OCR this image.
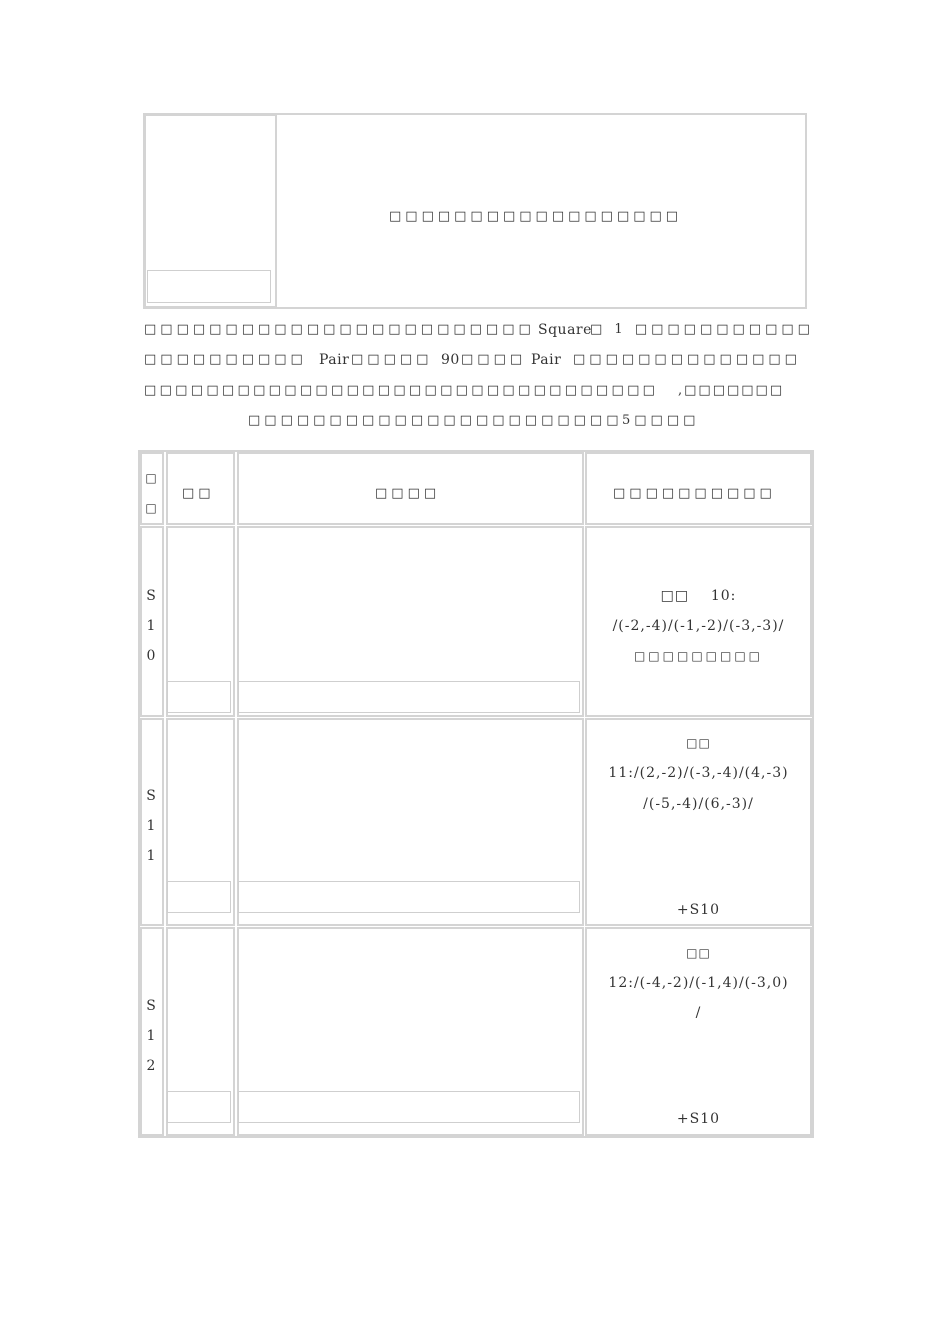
□□□□□□□□□□□□□□□□□□
□□□□□□□□□□□□□□□□□□□□□□□□ Square
□ 1 □□□□□□□□□□□
□□□□□□□□□□ Pair □□□□□ 90 □□□□ Pair □□□□□□□□□□□□□□
□□□□□□□□□□□□□□□□□□□□□□□□□□□□□□□□□ ,□□□□□□□
□□□□□□□□□□□□□□□□□□□□□□□ 5□□□□
□
□
□□	□□□□	□□□□□□□□□□
S
1
0
□□    10:
/(-2,-4)/(-1,-2)/(-3,-3)/
□□□□□□□□□
S
1
1
□□
11:/(2,-2)/(-3,-4)/(4,-3)
/(-5,-4)/(6,-3)/
+S10
S
1
2
□□
12:/(-4,-2)/(-1,4)/(-3,0)
/
+S10
